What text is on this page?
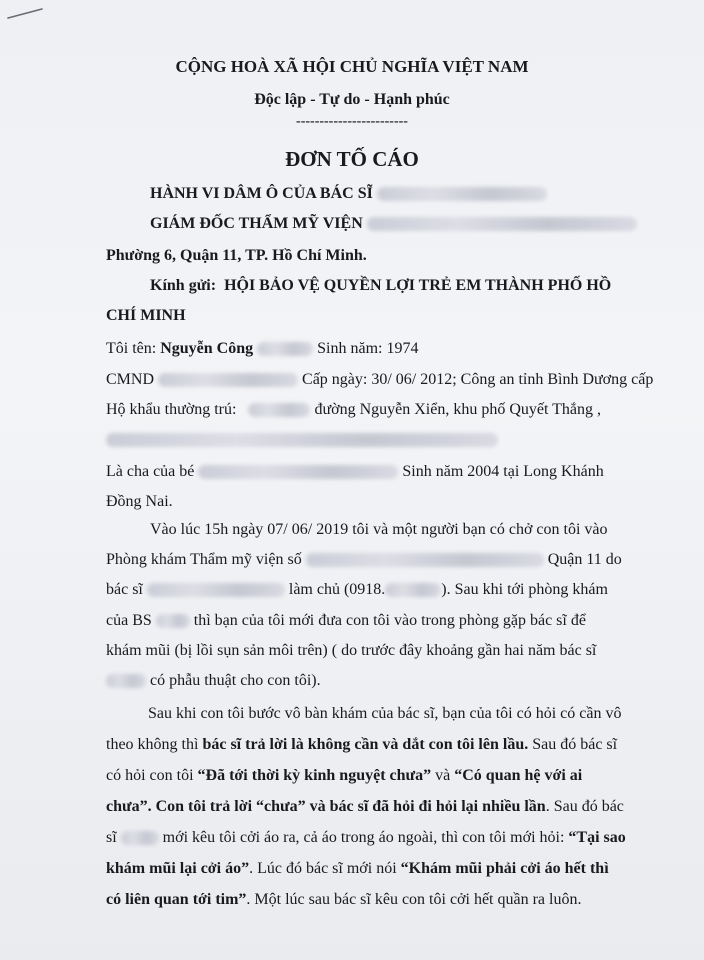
CỘNG HOÀ XÃ HỘI CHỦ NGHĨA VIỆT NAM
Độc lập - Tự do - Hạnh phúc
------------------------
ĐƠN TỐ CÁO
HÀNH VI DÂM Ô CỦA BÁC SĨ
GIÁM ĐỐC THẨM MỸ VIỆN
Phường 6, Quận 11, TP. Hồ Chí Minh.
Kính gửi: HỘI BẢO VỆ QUYỀN LỢI TRẺ EM THÀNH PHỐ HỒ
CHÍ MINH
Tôi tên: Nguyễn Công	Sinh năm: 1974
CMND	Cấp ngày: 30/ 06/ 2012; Công an tỉnh Bình Dương cấp
Hộ khẩu thường trú:	đường Nguyễn Xiển, khu phố Quyết Thắng ,
Là cha của bé	Sinh năm 2004 tại Long Khánh
Đồng Nai.
Vào lúc 15h ngày 07/ 06/ 2019 tôi và một người bạn có chở con tôi vào
Phòng khám Thẩm mỹ viện số	Quận 11 do
bác sĩ	làm chủ (0918.	). Sau khi tới phòng khám
của BS	thì bạn của tôi mới đưa con tôi vào trong phòng gặp bác sĩ để
khám mũi (bị lồi sụn sản môi trên) ( do trước đây khoảng gần hai năm bác sĩ
có phẫu thuật cho con tôi).
Sau khi con tôi bước vô bàn khám của bác sĩ, bạn của tôi có hỏi có cần vô
theo không thì bác sĩ trả lời là không cần và dắt con tôi lên lầu. Sau đó bác sĩ
có hỏi con tôi “Đã tới thời kỳ kinh nguyệt chưa” và “Có quan hệ với ai
chưa”. Con tôi trả lời “chưa” và bác sĩ đã hỏi đi hỏi lại nhiều lần. Sau đó bác
sĩ	mới kêu tôi cởi áo ra, cả áo trong áo ngoài, thì con tôi mới hỏi: “Tại sao
khám mũi lại cởi áo”. Lúc đó bác sĩ mới nói “Khám mũi phải cởi áo hết thì
có liên quan tới tim”. Một lúc sau bác sĩ kêu con tôi cởi hết quần ra luôn.
